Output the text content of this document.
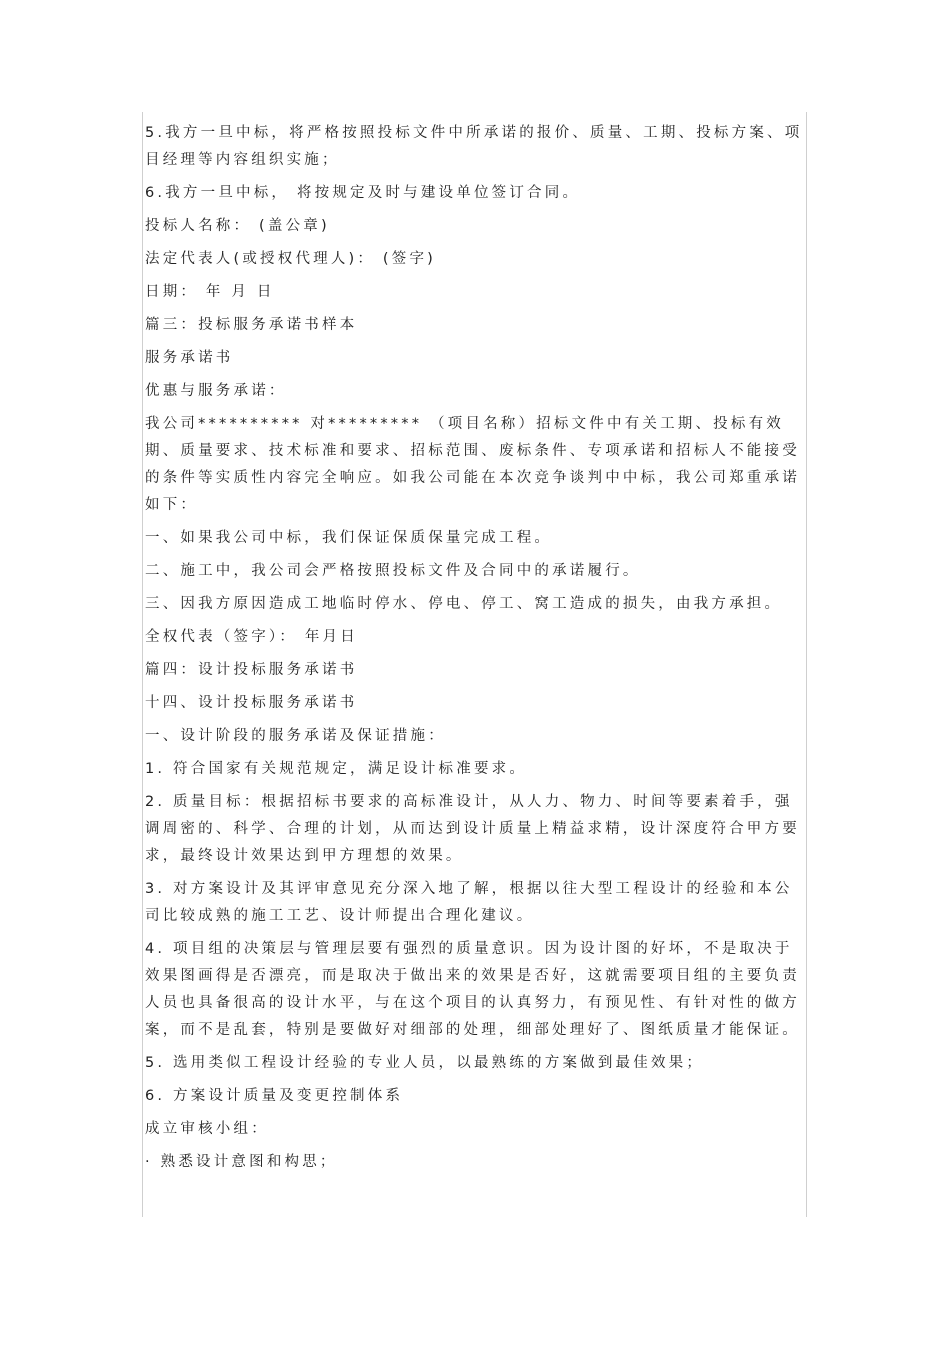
5.我方一旦中标，将严格按照投标文件中所承诺的报价、质量、工期、投标方案、项目经理等内容组织实施；

6.我方一旦中标， 将按规定及时与建设单位签订合同。

投标人名称： (盖公章)

法定代表人(或授权代理人)： (签字)

日期： 年 月 日

篇三：投标服务承诺书样本

服务承诺书

优惠与服务承诺：

我公司********** 对********* （项目名称）招标文件中有关工期、投标有效期、质量要求、技术标准和要求、招标范围、废标条件、专项承诺和招标人不能接受的条件等实质性内容完全响应。如我公司能在本次竞争谈判中中标，我公司郑重承诺如下：

一、如果我公司中标，我们保证保质保量完成工程。

二、施工中，我公司会严格按照投标文件及合同中的承诺履行。

三、因我方原因造成工地临时停水、停电、停工、窝工造成的损失，由我方承担。

全权代表（签字）： 年月日

篇四：设计投标服务承诺书

十四、设计投标服务承诺书

一、设计阶段的服务承诺及保证措施：

1. 符合国家有关规范规定，满足设计标准要求。

2. 质量目标：根据招标书要求的高标准设计，从人力、物力、时间等要素着手，强调周密的、科学、合理的计划，从而达到设计质量上精益求精，设计深度符合甲方要求，最终设计效果达到甲方理想的效果。

3. 对方案设计及其评审意见充分深入地了解，根据以往大型工程设计的经验和本公司比较成熟的施工工艺、设计师提出合理化建议。

4. 项目组的决策层与管理层要有强烈的质量意识。因为设计图的好坏，不是取决于效果图画得是否漂亮，而是取决于做出来的效果是否好，这就需要项目组的主要负责人员也具备很高的设计水平，与在这个项目的认真努力，有预见性、有针对性的做方案，而不是乱套，特别是要做好对细部的处理，细部处理好了、图纸质量才能保证。

5. 选用类似工程设计经验的专业人员，以最熟练的方案做到最佳效果；

6. 方案设计质量及变更控制体系

成立审核小组：

· 熟悉设计意图和构思；
